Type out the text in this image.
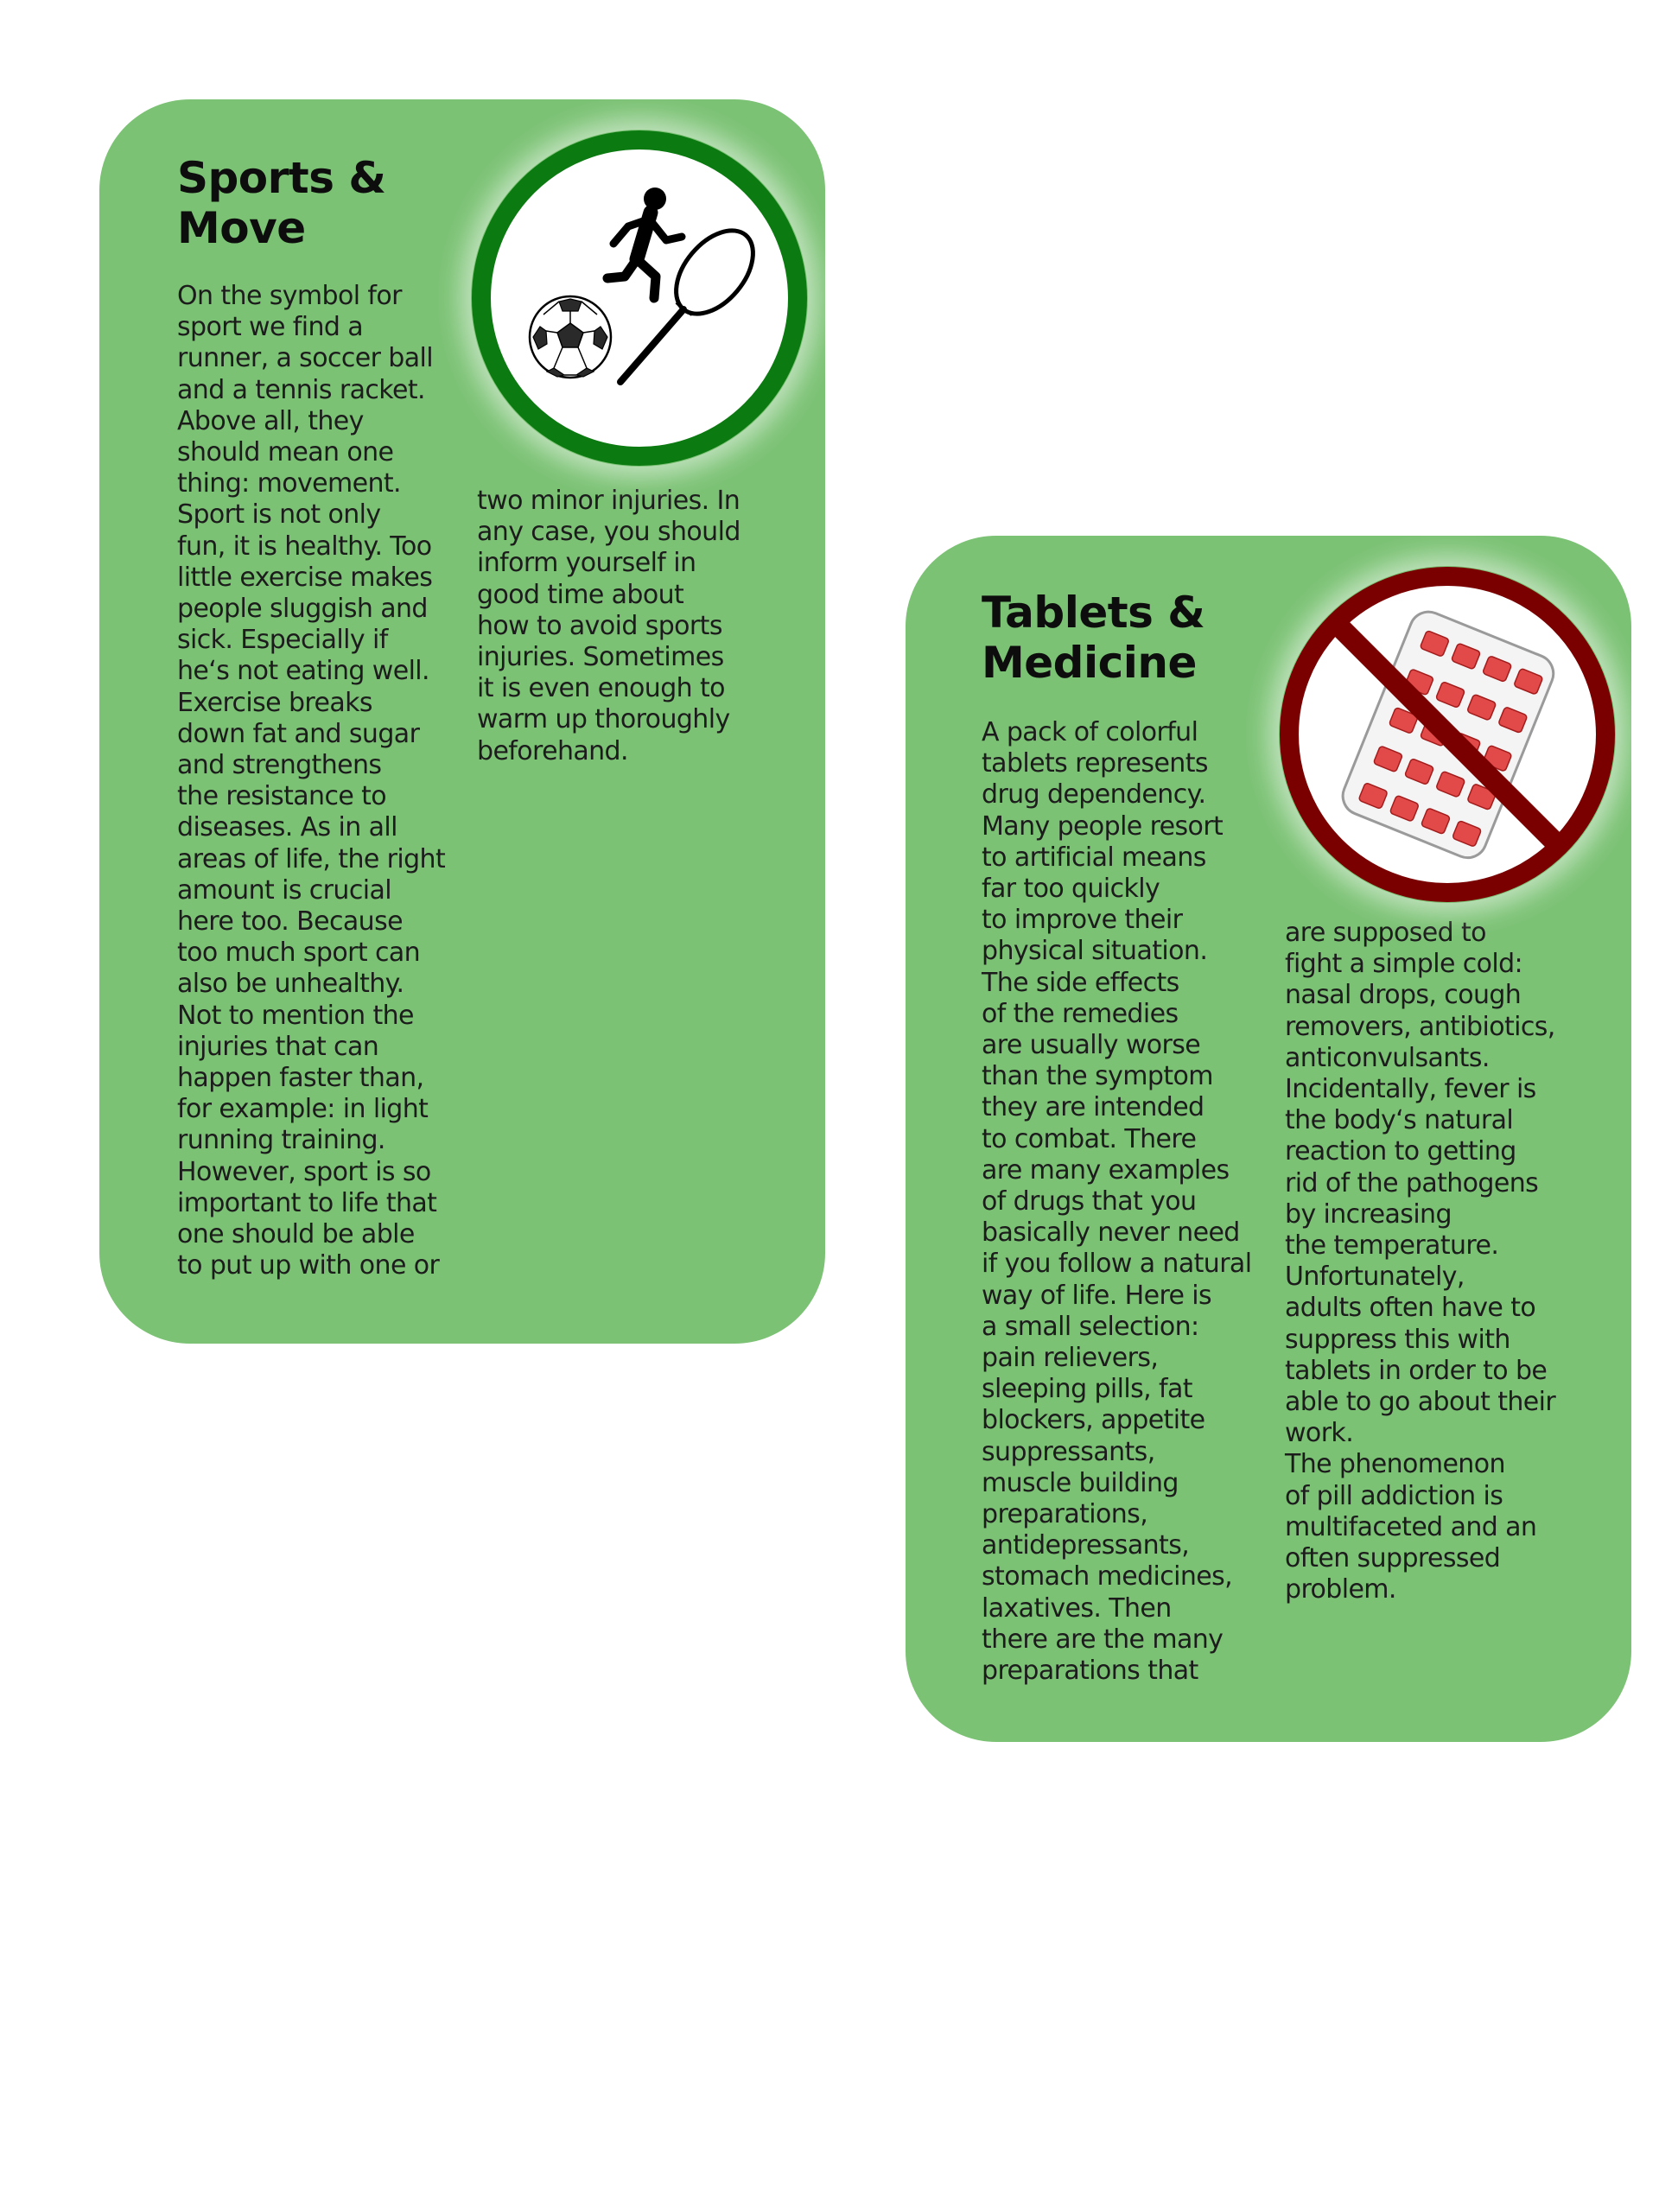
Sports &
Move

On the symbol for
sport we find a
runner, a soccer ball
and a tennis racket.
Above all, they
should mean one
thing: movement.
Sport is not only
fun, it is healthy. Too
little exercise makes
people sluggish and
sick. Especially if
he‘s not eating well.
Exercise breaks
down fat and sugar
and strengthens
the resistance to
diseases. As in all
areas of life, the right
amount is crucial
here too. Because
too much sport can
also be unhealthy.
Not to mention the
injuries that can
happen faster than,
for example: in light
running training.
However, sport is so
important to life that
one should be able
to put up with one or

two minor injuries. In
any case, you should
inform yourself in
good time about
how to avoid sports
injuries. Sometimes
it is even enough to
warm up thoroughly
beforehand.

Tablets &
Medicine

A pack of colorful
tablets represents
drug dependency.
Many people resort
to artificial means
far too quickly
to improve their
physical situation.
The side effects
of the remedies
are usually worse
than the symptom
they are intended
to combat. There
are many examples
of drugs that you
basically never need
if you follow a natural
way of life. Here is
a small selection:
pain relievers,
sleeping pills, fat
blockers, appetite
suppressants,
muscle building
preparations,
antidepressants,
stomach medicines,
laxatives. Then
there are the many
preparations that

are supposed to
fight a simple cold:
nasal drops, cough
removers, antibiotics,
anticonvulsants.
Incidentally, fever is
the body‘s natural
reaction to getting
rid of the pathogens
by increasing
the temperature.
Unfortunately,
adults often have to
suppress this with
tablets in order to be
able to go about their
work.
The phenomenon
of pill addiction is
multifaceted and an
often suppressed
problem.
